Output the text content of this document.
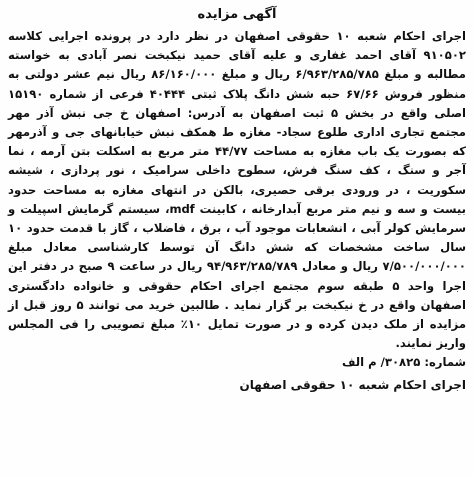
آگهی مزایده

اجرای احکام شعبه ۱۰ حقوقی اصفهان در نظر دارد در پرونده اجرایی کلاسه ۹۱۰۵۰۲ آقای احمد غفاری و علیه آقای حمید نیکبخت نصر آبادی به خواسته مطالبه و مبلغ ۶/۹۶۳/۲۸۵/۷۸۵ ریال و مبلغ ۸۶/۱۶۰/۰۰۰ ریال نیم عشر دولتی به منظور فروش ۶۷/۶۶ حبه شش دانگ پلاک ثبتی ۴۰۴۴۴ فرعی از شماره ۱۵۱۹۰ اصلی واقع در بخش ۵ ثبت اصفهان به آدرس: اصفهان خ جی نبش آذر مهر مجتمع تجاری اداری طلوع سجاد- مغازه ط همکف نبش خیابانهای جی و آذرمهر که بصورت یک باب مغازه به مساحت ۴۴/۷۷ متر مربع به اسکلت بتن آرمه ، نما آجر و سنگ ، کف سنگ فرش، سطوح داخلی سرامیک ، نور پردازی ، شیشه سکوریت ، در ورودی برقی حصیری، بالکن در انتهای مغازه به مساحت حدود بیست و سه و نیم متر مربع آبدارخانه ، کابینت mdf، سیستم گرمایش اسپیلت و سرمایش کولر آبی ، انشعابات موجود آب ، برق ، فاضلاب ، گاز با قدمت حدود ۱۰ سال ساخت مشخصات که شش دانگ آن توسط کارشناسی معادل مبلغ ۷/۵۰۰/۰۰۰/۰۰۰ ریال و معادل ۹۴/۹۶۳/۲۸۵/۷۸۹ ریال در ساعت ۹ صبح در دفتر این اجرا واحد ۵ طبقه سوم مجتمع اجرای احکام حقوقی و خانواده دادگستری اصفهان واقع در خ نیکبخت بر گزار نماید . طالبین خرید می توانند ۵ روز قبل از مزایده از ملک دیدن کرده و در صورت تمایل ۱۰٪ مبلغ تصویبی را فی المجلس واریز نمایند.

شماره: ۳۰۸۲۵/ م الف

اجرای احکام شعبه ۱۰ حقوقی اصفهان
